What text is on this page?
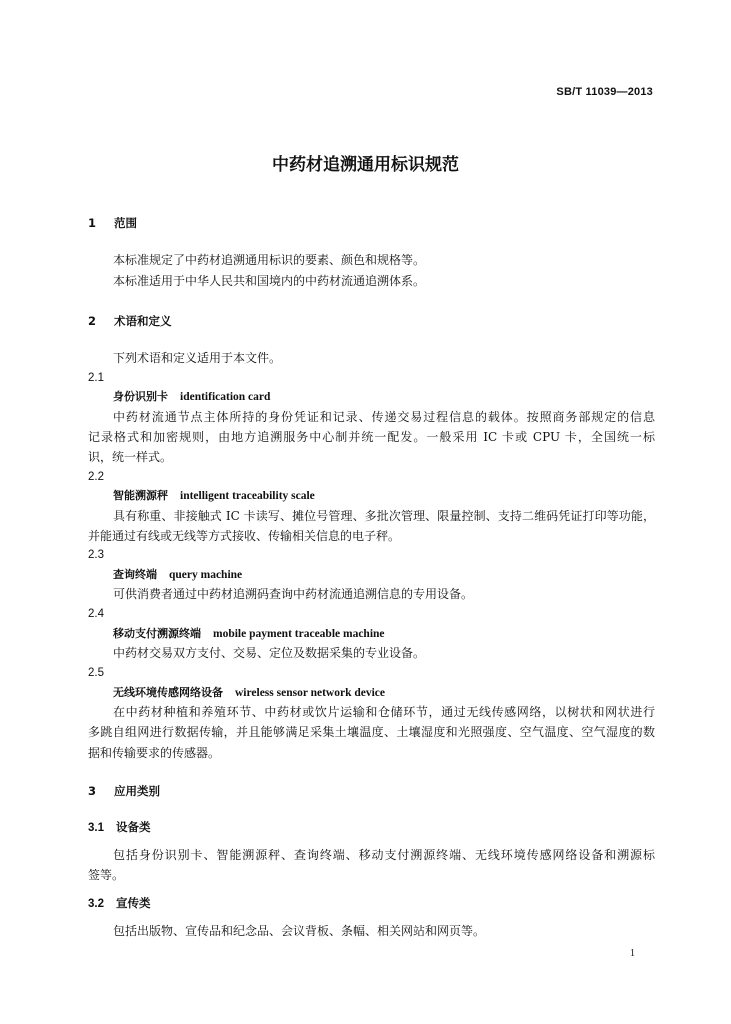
SB/T 11039—2013
中药材追溯通用标识规范
1 范围
本标准规定了中药材追溯通用标识的要素、颜色和规格等。
本标准适用于中华人民共和国境内的中药材流通追溯体系。
2 术语和定义
下列术语和定义适用于本文件。
2.1
身份识别卡 identification card
中药材流通节点主体所持的身份凭证和记录、传递交易过程信息的载体。按照商务部规定的信息
记录格式和加密规则，由地方追溯服务中心制并统一配发。一般采用 IC 卡或 CPU 卡，全国统一标
识，统一样式。
2.2
智能溯源秤 intelligent traceability scale
具有称重、非接触式 IC 卡读写、摊位号管理、多批次管理、限量控制、支持二维码凭证打印等功能，
并能通过有线或无线等方式接收、传输相关信息的电子秤。
2.3
查询终端 query machine
可供消费者通过中药材追溯码查询中药材流通追溯信息的专用设备。
2.4
移动支付溯源终端 mobile payment traceable machine
中药材交易双方支付、交易、定位及数据采集的专业设备。
2.5
无线环境传感网络设备 wireless sensor network device
在中药材种植和养殖环节、中药材或饮片运输和仓储环节，通过无线传感网络，以树状和网状进行
多跳自组网进行数据传输，并且能够满足采集土壤温度、土壤湿度和光照强度、空气温度、空气湿度的数
据和传输要求的传感器。
3 应用类别
3.1 设备类
包括身份识别卡、智能溯源秤、查询终端、移动支付溯源终端、无线环境传感网络设备和溯源标
签等。
3.2 宣传类
包括出版物、宣传品和纪念品、会议背板、条幅、相关网站和网页等。
1
